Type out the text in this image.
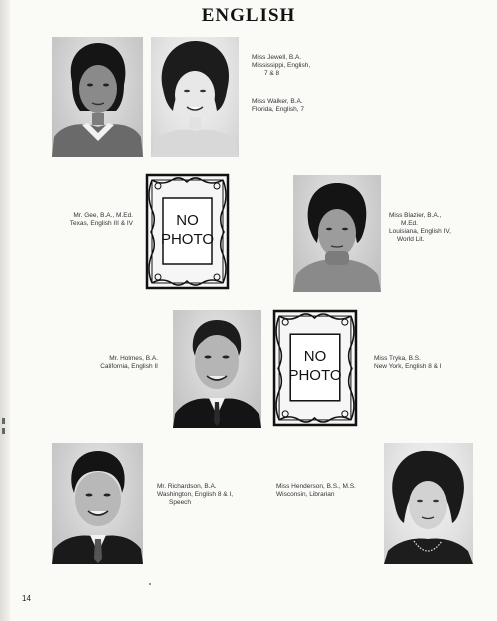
ENGLISH
Miss Jewell, B.A.
Mississippi, English,
7 & 8
Miss Walker, B.A.
Florida, English, 7
Mr. Gee, B.A., M.Ed.
Texas, English III & IV	NO
PHOTO
Miss Blazier, B.A.,
M.Ed.
Louisiana, English IV,
World Lit.
Mr. Holmes, B.A.
California, English II
NO
PHOTO
Miss Tryka, B.S.
New York, English 8 & I
Mr. Richardson, B.A.
Washington, English 8 & I,
Speech
Miss Henderson, B.S., M.S.
Wisconsin, Librarian
14
